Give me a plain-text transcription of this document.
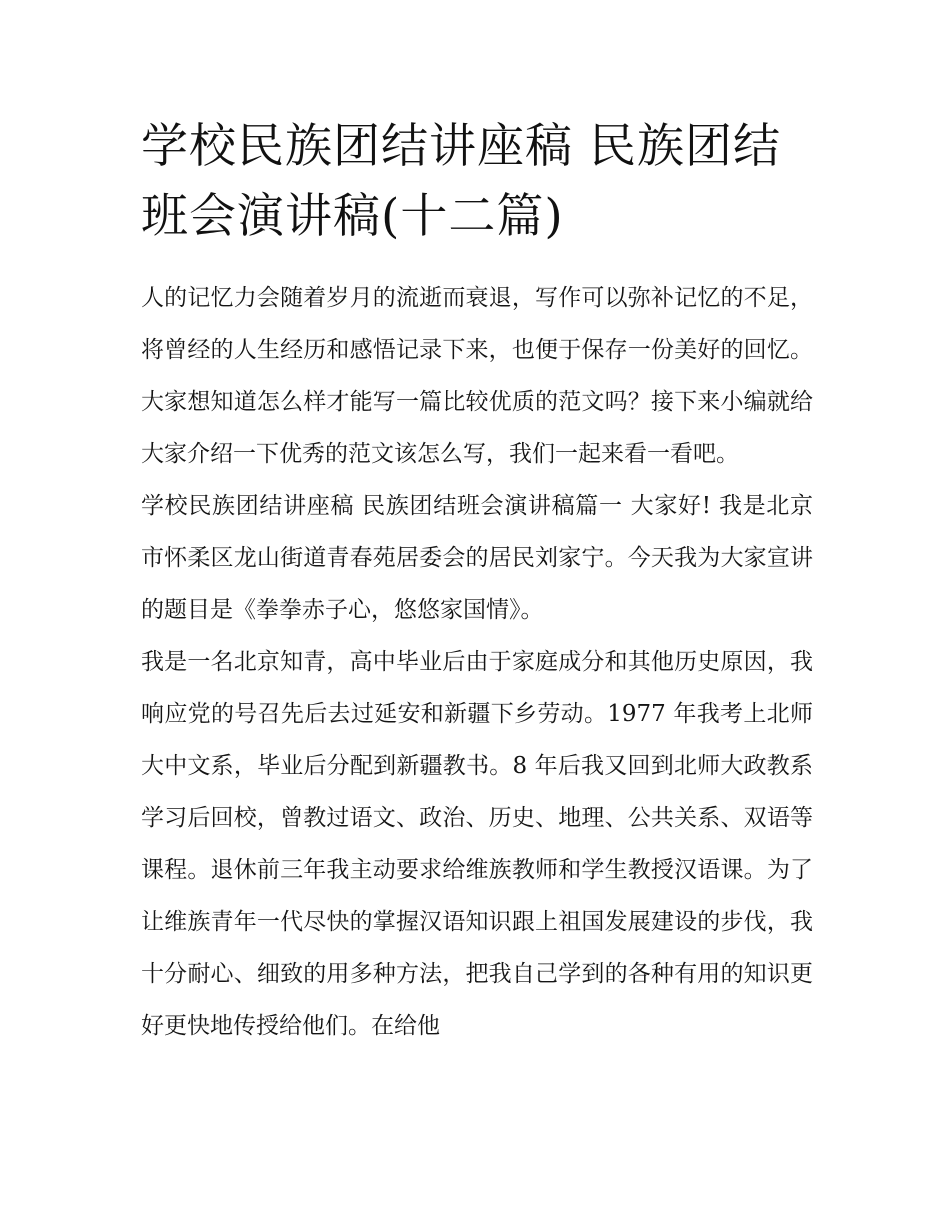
学校民族团结讲座稿 民族团结班会演讲稿(十二篇)

人的记忆力会随着岁月的流逝而衰退，写作可以弥补记忆的不足，将曾经的人生经历和感悟记录下来，也便于保存一份美好的回忆。大家想知道怎么样才能写一篇比较优质的范文吗？接下来小编就给大家介绍一下优秀的范文该怎么写，我们一起来看一看吧。

学校民族团结讲座稿 民族团结班会演讲稿篇一 大家好! 我是北京市怀柔区龙山街道青春苑居委会的居民刘家宁。今天我为大家宣讲的题目是《拳拳赤子心，悠悠家国情》。

我是一名北京知青，高中毕业后由于家庭成分和其他历史原因，我响应党的号召先后去过延安和新疆下乡劳动。1977 年我考上北师大中文系，毕业后分配到新疆教书。8 年后我又回到北师大政教系学习后回校，曾教过语文、政治、历史、地理、公共关系、双语等课程。退休前三年我主动要求给维族教师和学生教授汉语课。为了让维族青年一代尽快的掌握汉语知识跟上祖国发展建设的步伐，我十分耐心、细致的用多种方法，把我自己学到的各种有用的知识更好更快地传授给他们。在给他
